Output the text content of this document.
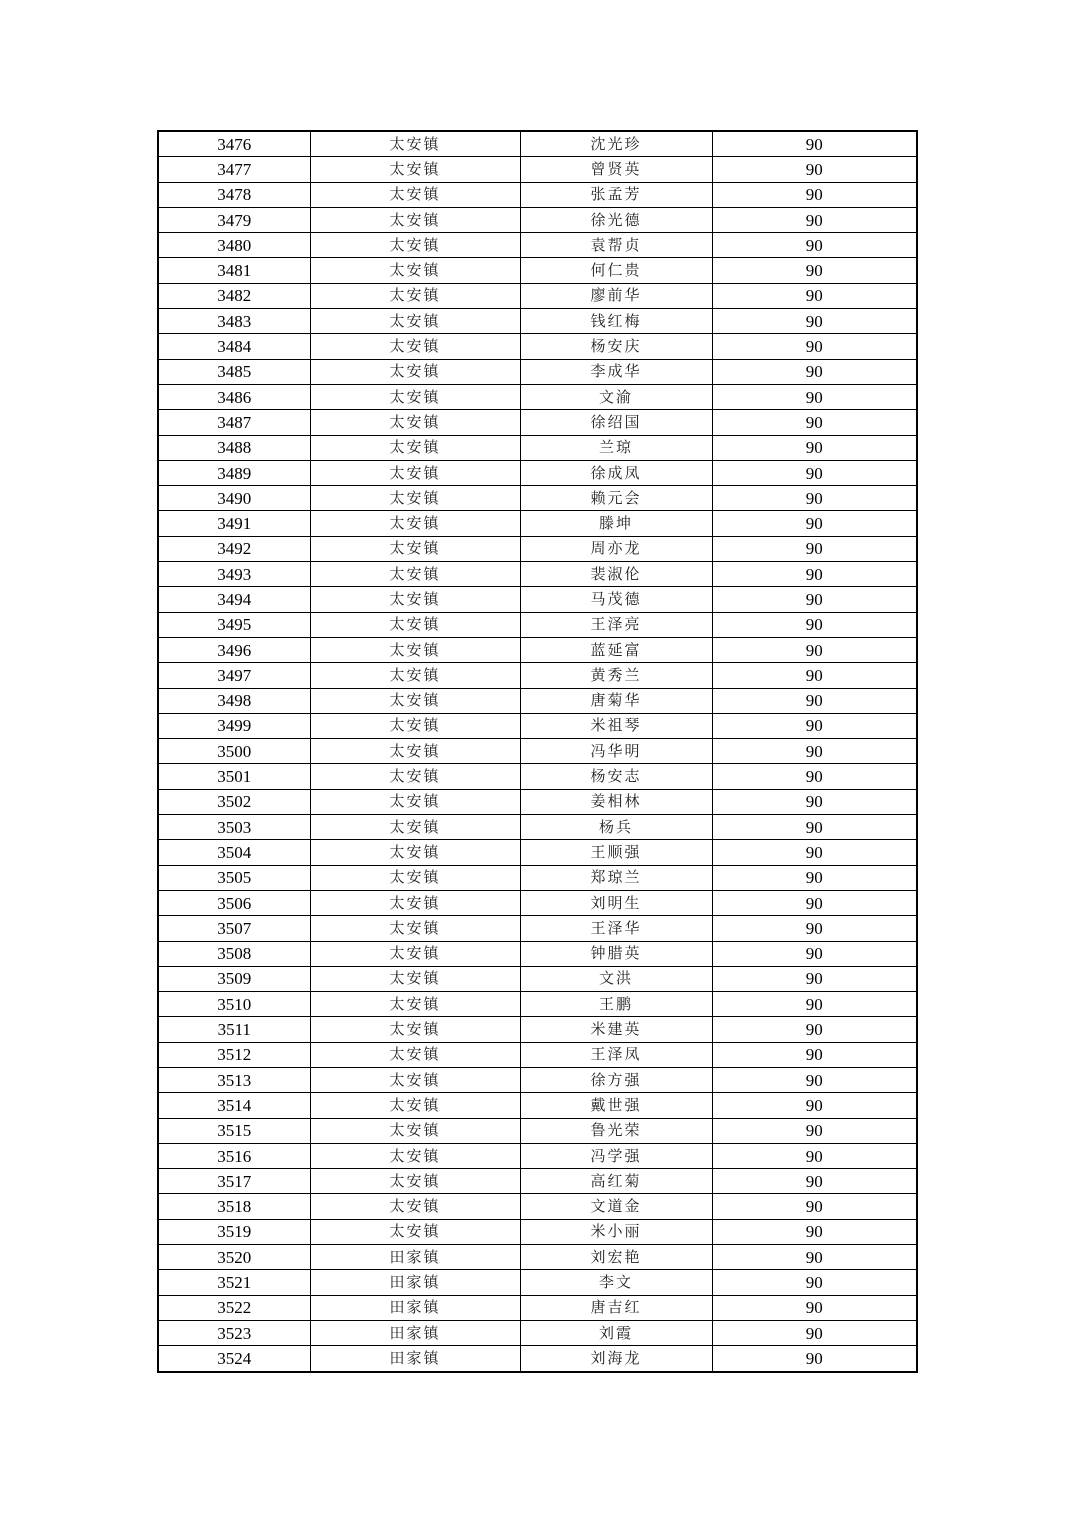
3476	太安镇	沈光珍	90
3477	太安镇	曾贤英	90
3478	太安镇	张孟芳	90
3479	太安镇	徐光德	90
3480	太安镇	袁帮贞	90
3481	太安镇	何仁贵	90
3482	太安镇	廖前华	90
3483	太安镇	钱红梅	90
3484	太安镇	杨安庆	90
3485	太安镇	李成华	90
3486	太安镇	文渝	90
3487	太安镇	徐绍国	90
3488	太安镇	兰琼	90
3489	太安镇	徐成凤	90
3490	太安镇	赖元会	90
3491	太安镇	滕坤	90
3492	太安镇	周亦龙	90
3493	太安镇	裴淑伦	90
3494	太安镇	马茂德	90
3495	太安镇	王泽亮	90
3496	太安镇	蓝延富	90
3497	太安镇	黄秀兰	90
3498	太安镇	唐菊华	90
3499	太安镇	米祖琴	90
3500	太安镇	冯华明	90
3501	太安镇	杨安志	90
3502	太安镇	姜相林	90
3503	太安镇	杨兵	90
3504	太安镇	王顺强	90
3505	太安镇	郑琼兰	90
3506	太安镇	刘明生	90
3507	太安镇	王泽华	90
3508	太安镇	钟腊英	90
3509	太安镇	文洪	90
3510	太安镇	王鹏	90
3511	太安镇	米建英	90
3512	太安镇	王泽凤	90
3513	太安镇	徐方强	90
3514	太安镇	戴世强	90
3515	太安镇	鲁光荣	90
3516	太安镇	冯学强	90
3517	太安镇	高红菊	90
3518	太安镇	文道金	90
3519	太安镇	米小丽	90
3520	田家镇	刘宏艳	90
3521	田家镇	李文	90
3522	田家镇	唐吉红	90
3523	田家镇	刘霞	90
3524	田家镇	刘海龙	90
